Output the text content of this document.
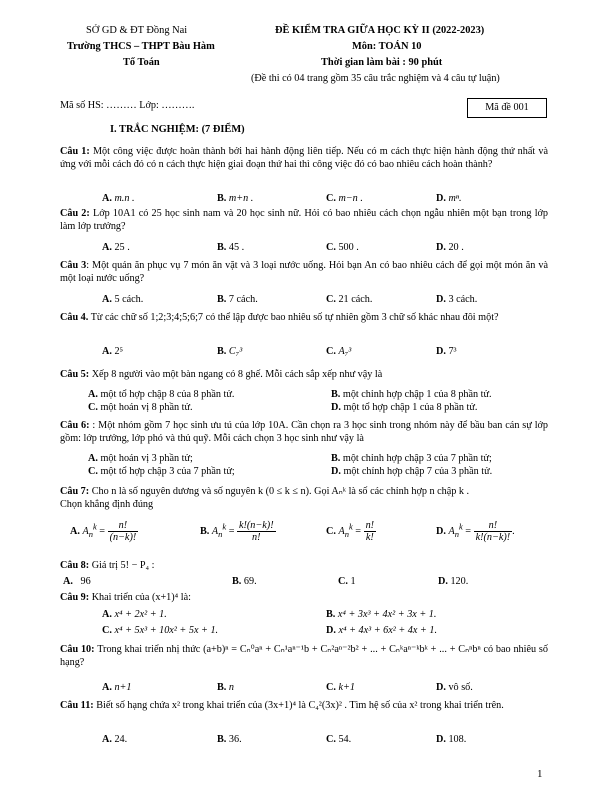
SỞ GD & ĐT Đồng Nai
Trường THCS – THPT Bàu Hàm
Tổ Toán
ĐỀ KIỂM TRA GIỮA HỌC KỲ II (2022-2023)
Môn: TOÁN 10
Thời gian làm bài : 90 phút
(Đề thi có 04 trang gồm 35 câu trắc nghiệm và 4 câu tự luận)
Mã số HS: ……… Lớp: ……….	Mã đề 001
I. TRẮC NGHIỆM: (7 ĐIỂM)
Câu 1: Một công việc được hoàn thành bởi hai hành động liên tiếp. Nếu có m cách thực hiện hành động thứ nhất và ứng với mỗi cách đó có n cách thực hiện giai đoạn thứ hai thì công việc đó có bao nhiêu cách hoàn thành?
A. m.n .	B. m+n .	C. m−n .	D. mⁿ.
Câu 2: Lớp 10A1 có 25 học sinh nam và 20 học sinh nữ. Hỏi có bao nhiêu cách chọn ngẫu nhiên một bạn trong lớp làm lớp trưởng?
A. 25 .	B. 45 .	C. 500 .	D. 20 .
Câu 3: Một quán ăn phục vụ 7 món ăn vặt và 3 loại nước uống. Hỏi bạn An có bao nhiêu cách để gọi một món ăn và một loại nước uống?
A. 5 cách.	B. 7 cách.	C. 21 cách.	D. 3 cách.
Câu 4. Từ các chữ số 1;2;3;4;5;6;7 có thể lập được bao nhiêu số tự nhiên gồm 3 chữ số khác nhau đôi một?
A. 2⁵	B. C₇³	C. A₇³	D. 7³
Câu 5: Xếp 8 người vào một bàn ngang có 8 ghế. Mỗi cách sắp xếp như vậy là
A. một tổ hợp chập 8 của 8 phần tử.	B. một chỉnh hợp chập 1 của 8 phần tử.
C. một hoán vị 8 phần tử.	D. một tổ hợp chập 1 của 8 phần tử.
Câu 6: : Một nhóm gồm 7 học sinh ưu tú của lớp 10A. Cần chọn ra 3 học sinh trong nhóm này để bầu ban cán sự lớp gồm: lớp trưởng, lớp phó và thủ quỹ. Mỗi cách chọn 3 học sinh như vậy là
A. một hoán vị 3 phần tử;	B. một chỉnh hợp chập 3 của 7 phần tử;
C. một tổ hợp chập 3 của 7 phần tử;	D. một chỉnh hợp chập 7 của 3 phần tử.
Câu 7: Cho n là số nguyên dương và số nguyên k (0 ≤ k ≤ n). Gọi Aₙᵏ là số các chỉnh hợp n chập k .
Chọn khẳng định đúng
A. $A_n^k = \frac{n!}{(n-k)!}$	B. $A_n^k = \frac{k!(n-k)!}{n!}$	C. $A_n^k = \frac{n!}{k!}$	D. $A_n^k = \frac{n!}{k!(n-k)!}$ .
Câu 8: Giá trị 5! − P₄ :
A. 96	B. 69.	C. 1	D. 120.
Câu 9: Khai triển của (x+1)⁴ là:
A. x⁴ + 2x² + 1.	B. x⁴ + 3x³ + 4x² + 3x + 1.
C. x⁴ + 5x³ + 10x² + 5x + 1.	D. x⁴ + 4x³ + 6x² + 4x + 1.
Câu 10: Trong khai triển nhị thức (a+b)ⁿ = Cₙ⁰aⁿ + Cₙ¹aⁿ⁻¹b + Cₙ²aⁿ⁻²b² + ... + Cₙᵏaⁿ⁻ᵏbᵏ + ... + Cₙⁿbⁿ có bao nhiêu số hạng?
A. n+1	B. n	C. k+1	D. vô số.
Câu 11: Biết số hạng chứa x² trong khai triển của (3x+1)⁴ là C₄²(3x)² . Tìm hệ số của x² trong khai triển trên.
A. 24.	B. 36.	C. 54.	D. 108.
1
